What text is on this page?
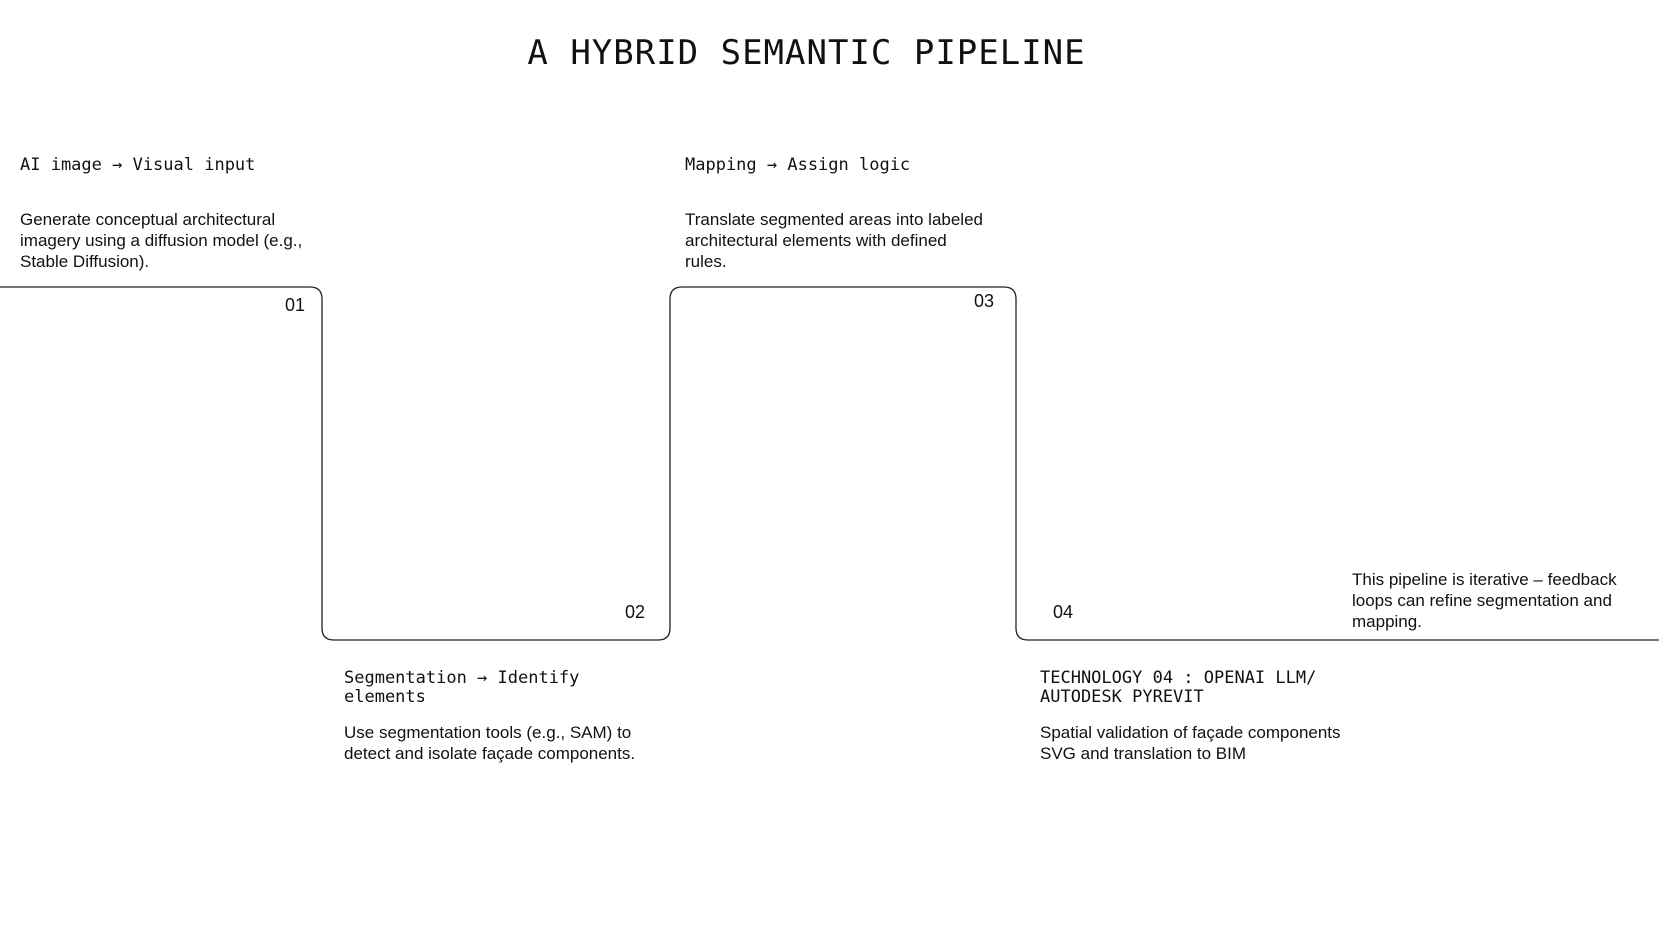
A HYBRID SEMANTIC PIPELINE
AI image → Visual input

Generate conceptual architectural imagery using a diffusion model (e.g., Stable Diffusion).

01
02
Segmentation → Identify elements

Use segmentation tools (e.g., SAM) to detect and isolate façade components.

Mapping → Assign logic

Translate segmented areas into labeled architectural elements with defined rules.

03
04
TECHNOLOGY 04 : OPENAI LLM/ AUTODESK PYREVIT

Spatial validation of façade components SVG and translation to BIM

This pipeline is iterative – feedback loops can refine segmentation and mapping.
